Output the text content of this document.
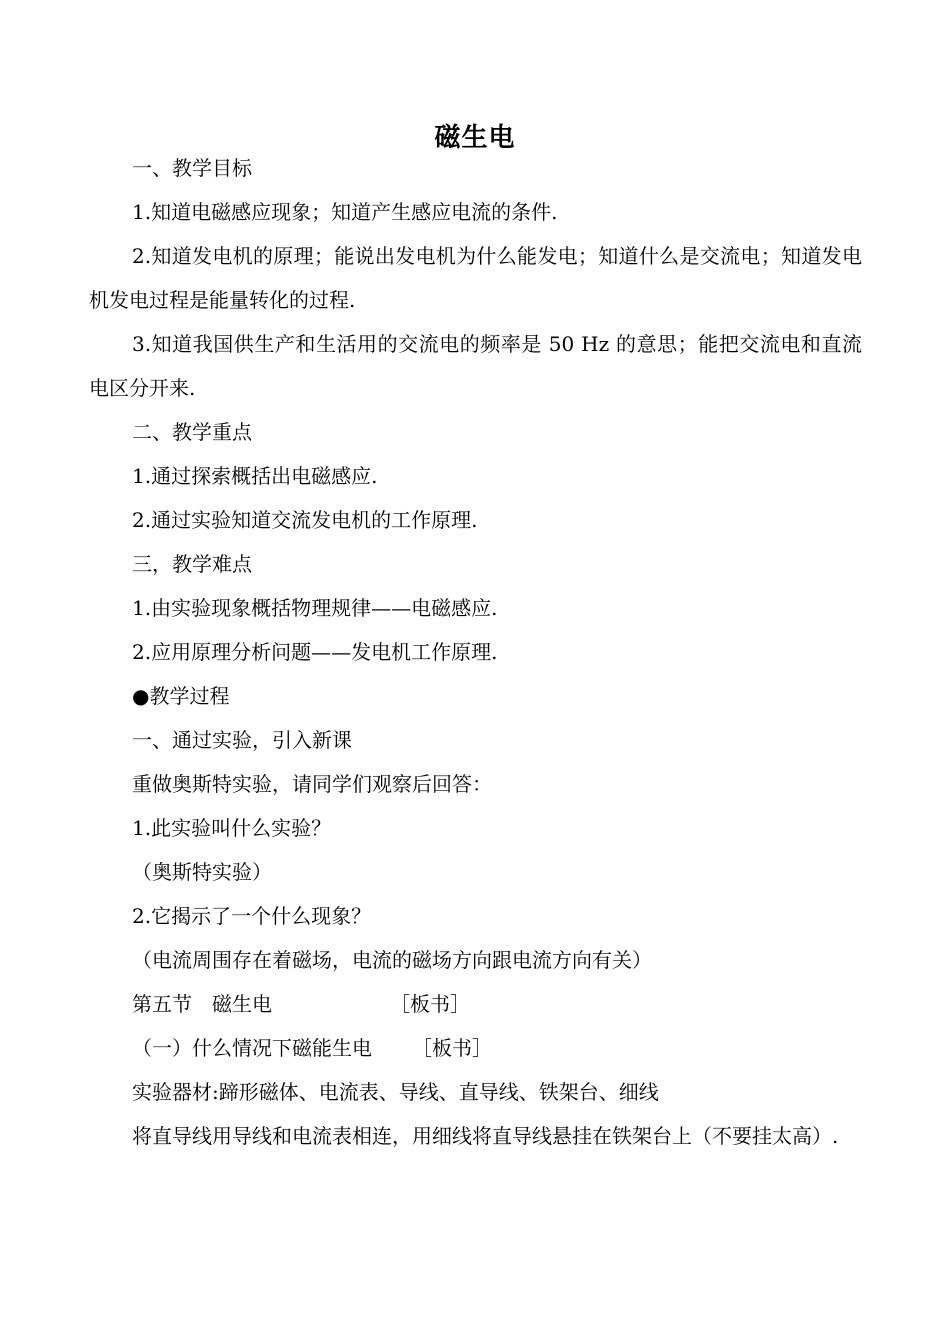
磁生电

一、教学目标

1.知道电磁感应现象；知道产生感应电流的条件.

2.知道发电机的原理；能说出发电机为什么能发电；知道什么是交流电；知道发电机发电过程是能量转化的过程.

3.知道我国供生产和生活用的交流电的频率是 50 Hz 的意思；能把交流电和直流电区分开来.

二、教学重点

1.通过探索概括出电磁感应.

2.通过实验知道交流发电机的工作原理.

三，教学难点

1.由实验现象概括物理规律——电磁感应.

2.应用原理分析问题——发电机工作原理.

●教学过程

一、通过实验，引入新课

重做奥斯特实验，请同学们观察后回答：

1.此实验叫什么实验？

（奥斯特实验）

2.它揭示了一个什么现象？

（电流周围存在着磁场，电流的磁场方向跟电流方向有关）

第五节　磁生电	［板书］

（一）什么情况下磁能生电 ［板书］

实验器材:蹄形磁体、电流表、导线、直导线、铁架台、细线

将直导线用导线和电流表相连，用细线将直导线悬挂在铁架台上（不要挂太高）.
